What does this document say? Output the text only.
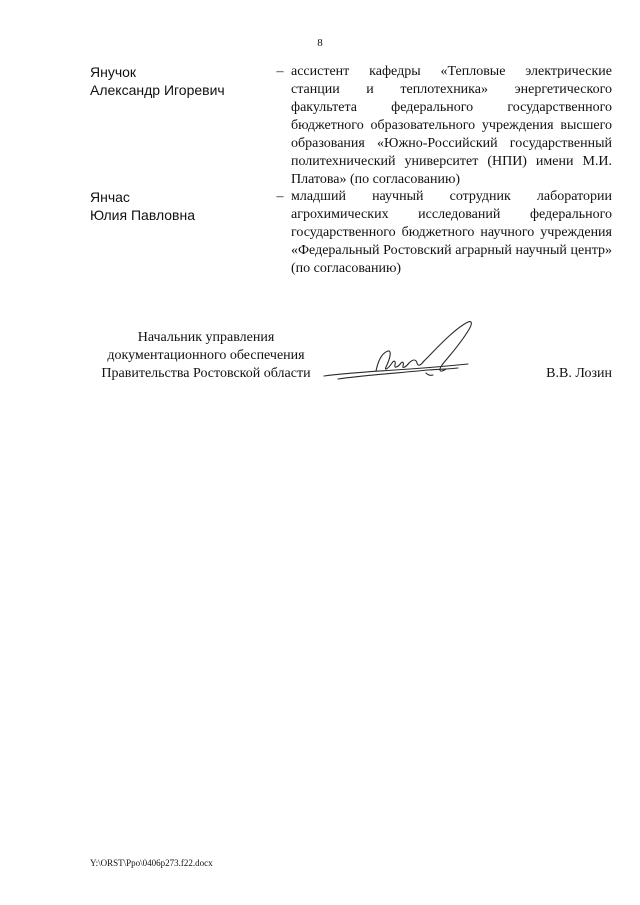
8
Янучок
Александр Игоревич
– ассистент кафедры «Тепловые электрические станции и теплотехника» энергетического факультета федерального государственного бюджетного образовательного учреждения высшего образования «Южно-Российский государственный политехнический университет (НПИ) имени М.И. Платова» (по согласованию)
Янчас
Юлия Павловна
– младший научный сотрудник лаборатории агрохимических исследований федерального государственного бюджетного научного учреждения «Федеральный Ростовский аграрный научный центр» (по согласованию)
Начальник управления
документационного обеспечения
Правительства Ростовской области	В.В. Лозин
Y:\ORST\Ppo\0406p273.f22.docx
